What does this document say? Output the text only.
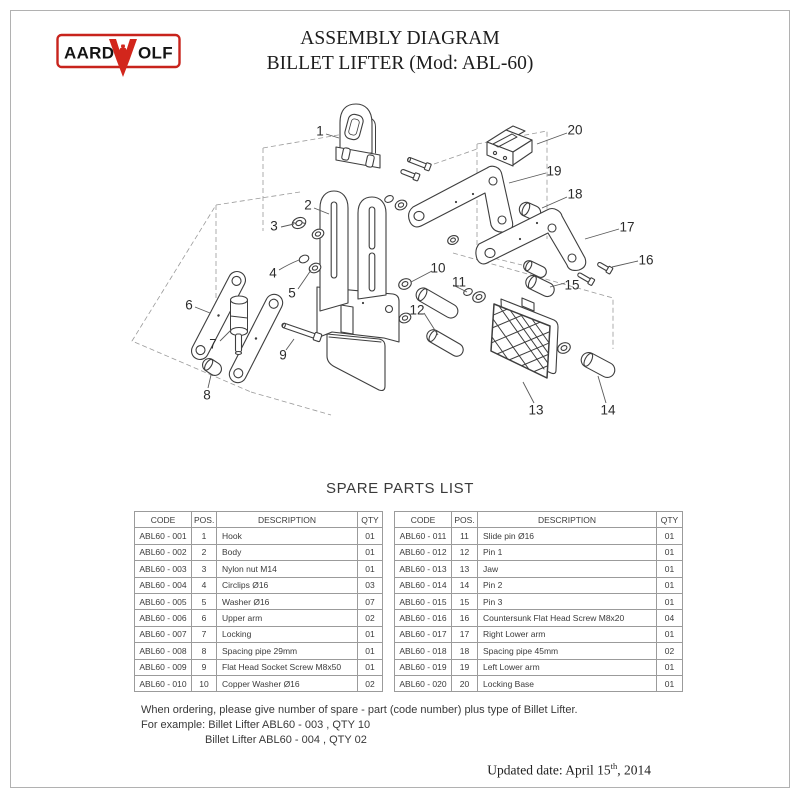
AARD OLF
ASSEMBLY DIAGRAM
BILLET LIFTER (Mod: ABL-60)
1
2
3
4
5
6
7
8
9
10
11
12
13	14
15
16
17
18
19
20
SPARE PARTS LIST
CODE	POS.	DESCRIPTION	QTY
ABL60 - 001	1	Hook	01
ABL60 - 002	2	Body	01
ABL60 - 003	3	Nylon nut M14	01
ABL60 - 004	4	Circlips Ø16	03
ABL60 - 005	5	Washer Ø16	07
ABL60 - 006	6	Upper arm	02
ABL60 - 007	7	Locking	01
ABL60 - 008	8	Spacing pipe 29mm	01
ABL60 - 009	9	Flat Head Socket Screw M8x50	01
ABL60 - 010	10	Copper Washer Ø16	02
CODE	POS.	DESCRIPTION	QTY
ABL60 - 011	11	Slide pin Ø16	01
ABL60 - 012	12	Pin 1	01
ABL60 - 013	13	Jaw	01
ABL60 - 014	14	Pin 2	01
ABL60 - 015	15	Pin 3	01
ABL60 - 016	16	Countersunk Flat Head Screw M8x20	04
ABL60 - 017	17	Right Lower arm	01
ABL60 - 018	18	Spacing pipe 45mm	02
ABL60 - 019	19	Left Lower arm	01
ABL60 - 020	20	Locking Base	01
When ordering, please give number of spare - part (code number) plus type of Billet Lifter.
For example: Billet Lifter ABL60 - 003 , QTY 10
Billet Lifter ABL60 - 004 , QTY 02
Updated date: April 15th, 2014
